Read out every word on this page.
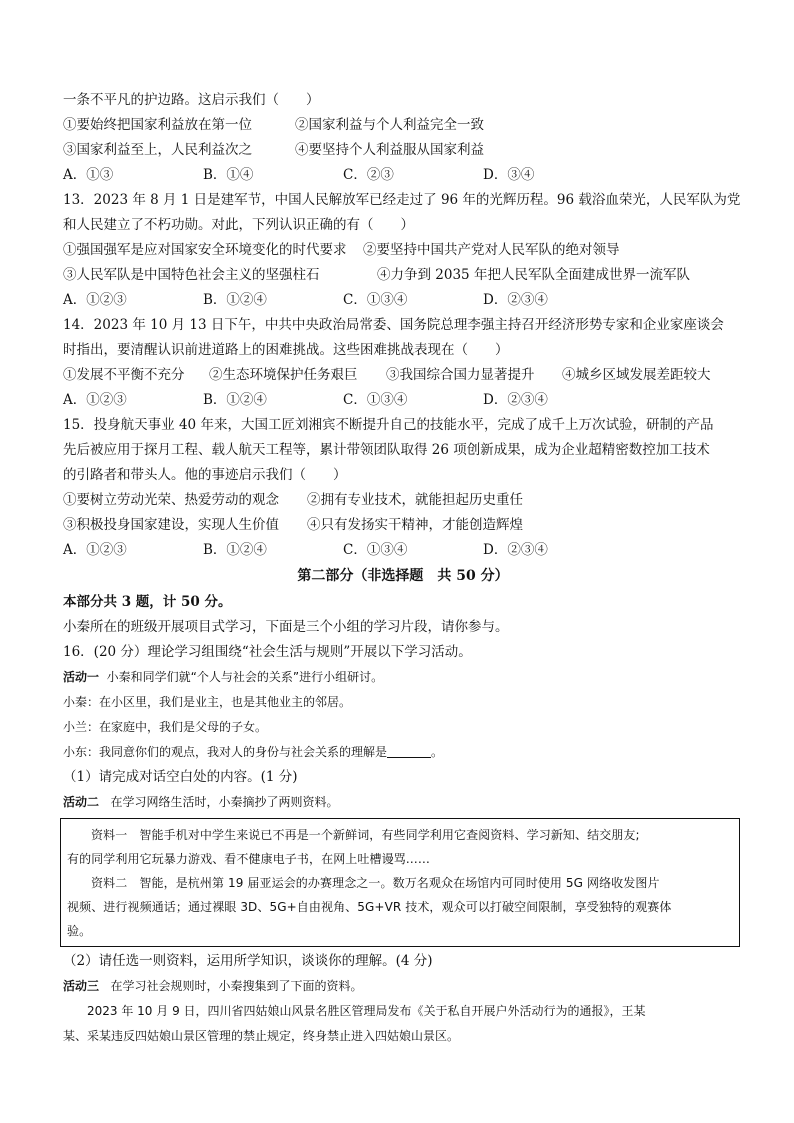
一条不平凡的护边路。这启示我们（　　）
①要始终把国家利益放在第一位	②国家利益与个人利益完全一致
③国家利益至上，人民利益次之	④要坚持个人利益服从国家利益
A．①③	B．①④	C．②③	D．③④
13．2023 年 8 月 1 日是建军节，中国人民解放军已经走过了 96 年的光辉历程。96 载浴血荣光，人民军队为党
和人民建立了不朽功勋。对此，下列认识正确的有（　　）
①强国强军是应对国家安全环境变化的时代要求	②要坚持中国共产党对人民军队的绝对领导
③人民军队是中国特色社会主义的坚强柱石	④力争到 2035 年把人民军队全面建成世界一流军队
A．①②③	B．①②④	C．①③④	D．②③④
14．2023 年 10 月 13 日下午，中共中央政治局常委、国务院总理李强主持召开经济形势专家和企业家座谈会
时指出，要清醒认识前进道路上的困难挑战。这些困难挑战表现在（　　）
①发展不平衡不充分	②生态环境保护任务艰巨	③我国综合国力显著提升	④城乡区域发展差距较大
A．①②③	B．①②④	C．①③④	D．②③④
15．投身航天事业 40 年来，大国工匠刘湘宾不断提升自己的技能水平，完成了成千上万次试验，研制的产品
先后被应用于探月工程、载人航天工程等，累计带领团队取得 26 项创新成果，成为企业超精密数控加工技术
的引路者和带头人。他的事迹启示我们（　　）
①要树立劳动光荣、热爱劳动的观念	②拥有专业技术，就能担起历史重任
③积极投身国家建设，实现人生价值	④只有发扬实干精神，才能创造辉煌
A．①②③	B．①②④	C．①③④	D．②③④
第二部分（非选择题　共 50 分）
本部分共 3 题，计 50 分。
小秦所在的班级开展项目式学习，下面是三个小组的学习片段，请你参与。
16．(20 分）理论学习组围绕“社会生活与规则”开展以下学习活动。
活动一 小秦和同学们就“个人与社会的关系”进行小组研讨。
小秦：在小区里，我们是业主，也是其他业主的邻居。
小兰：在家庭中，我们是父母的子女。
小东：我同意你们的观点，我对人的身份与社会关系的理解是	。
（1）请完成对话空白处的内容。(1 分)
活动二 在学习网络生活时，小秦摘抄了两则资料。
资料一　智能手机对中学生来说已不再是一个新鲜词，有些同学利用它查阅资料、学习新知、结交朋友;
有的同学利用它玩暴力游戏、看不健康电子书，在网上吐槽谩骂……
资料二　智能，是杭州第 19 届亚运会的办赛理念之一。数万名观众在场馆内可同时使用 5G 网络收发图片
视频、进行视频通话；通过裸眼 3D、5G+自由视角、5G+VR 技术，观众可以打破空间限制，享受独特的观赛体
验。
（2）请任选一则资料，运用所学知识，谈谈你的理解。(4 分)
活动三 在学习社会规则时，小秦搜集到了下面的资料。
2023 年 10 月 9 日，四川省四姑娘山风景名胜区管理局发布《关于私自开展户外活动行为的通报》，王某
某、采某违反四姑娘山景区管理的禁止规定，终身禁止进入四姑娘山景区。
